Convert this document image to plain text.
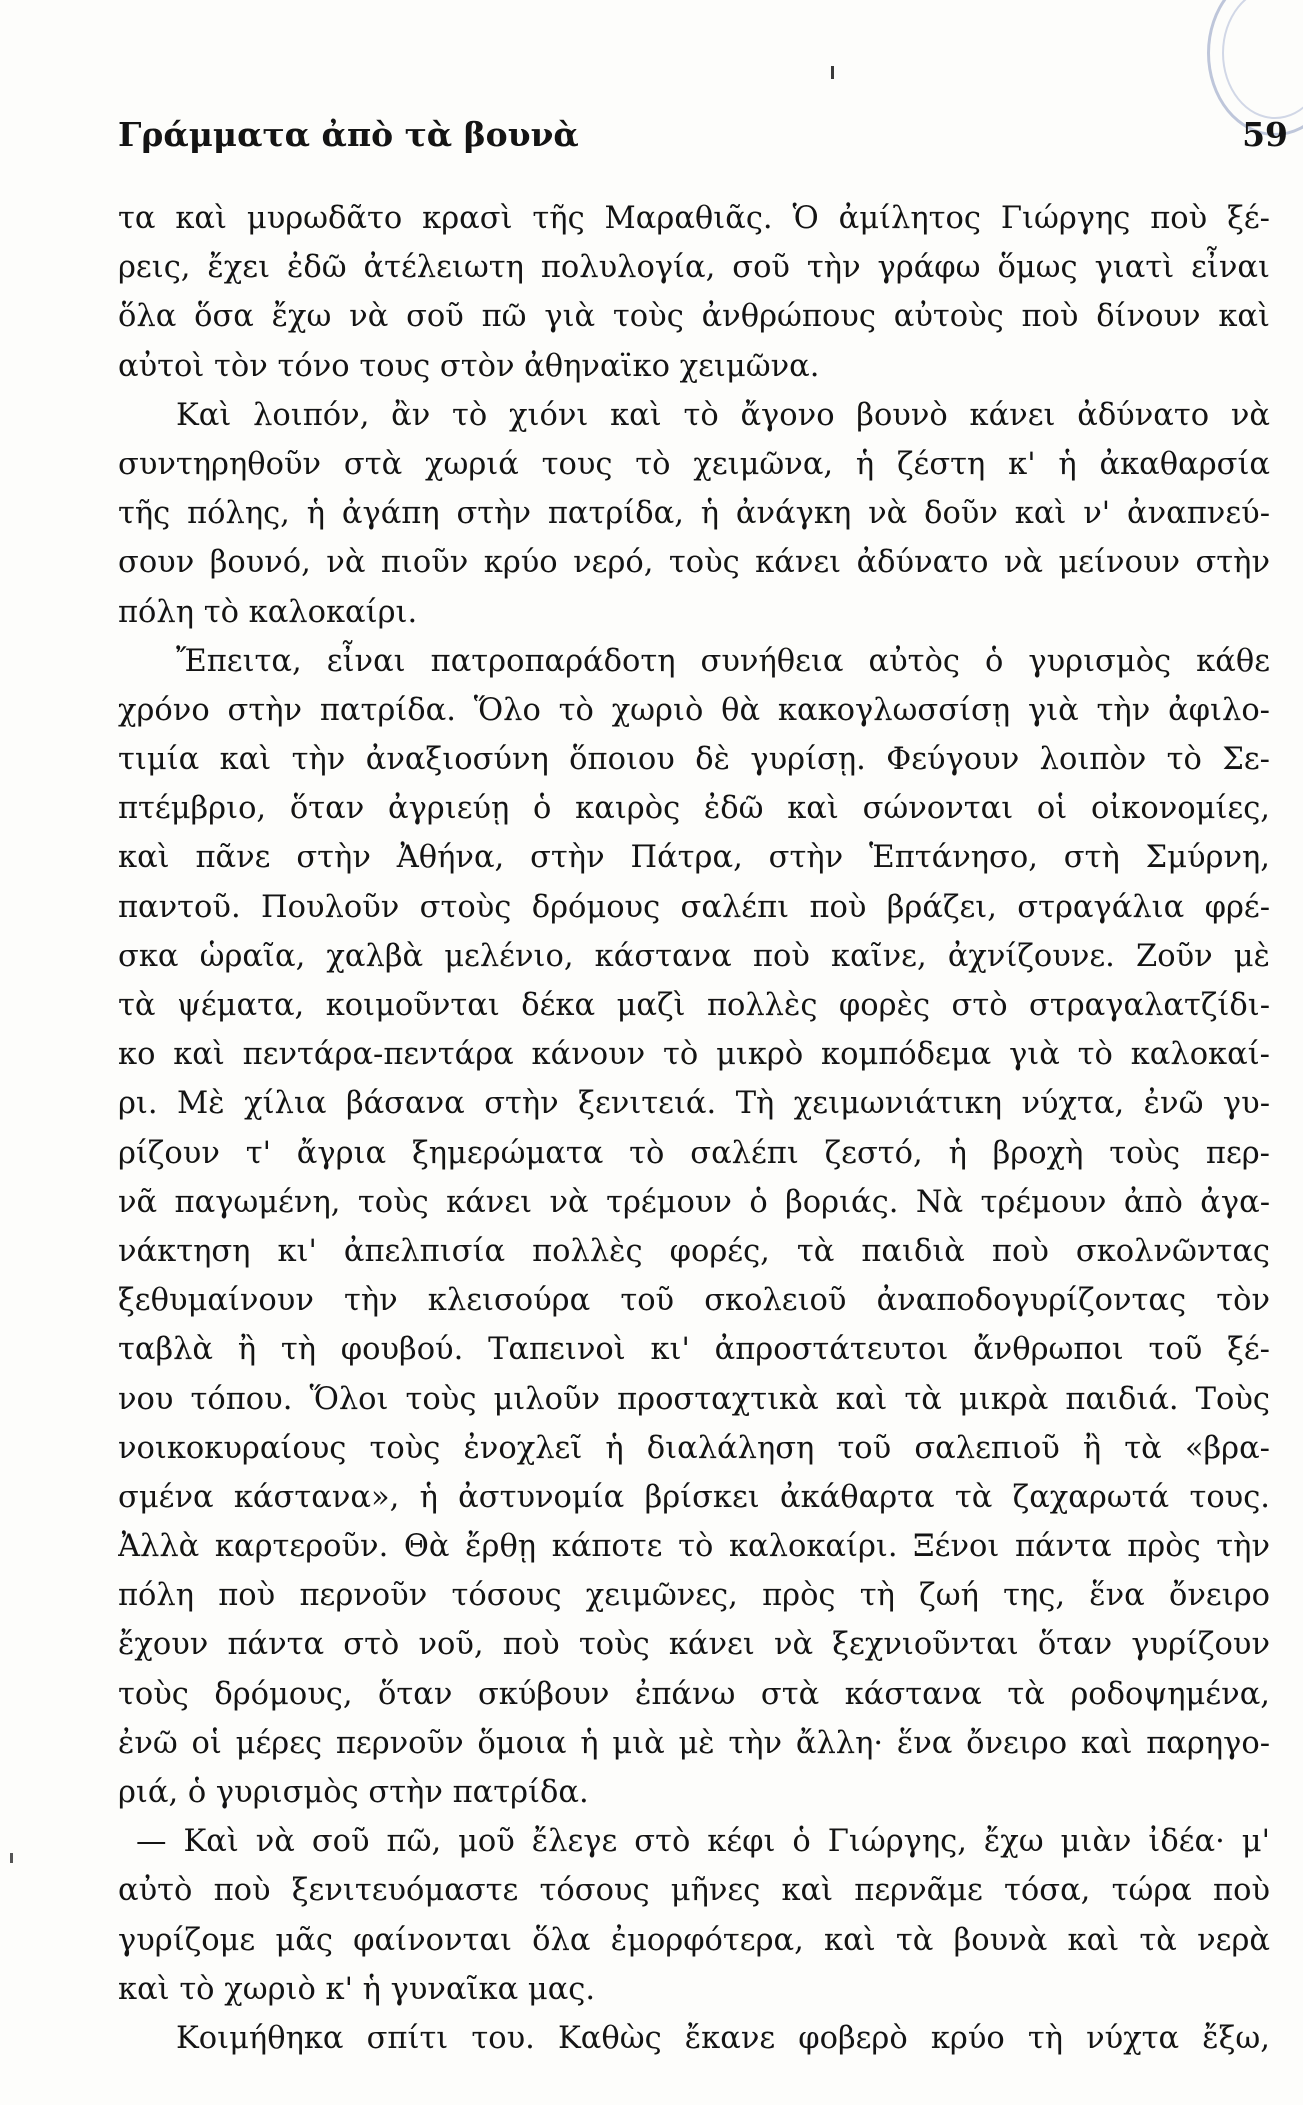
Γράμματα ἀπὸ τὰ βουνὰ	59
τα καὶ μυρωδᾶτο κρασὶ τῆς Μαραθιᾶς. Ὁ ἀμίλητος Γιώργης ποὺ ξέ-
ρεις, ἔχει ἐδῶ ἀτέλειωτη πολυλογία, σοῦ τὴν γράφω ὅμως γιατὶ εἶναι
ὅλα ὅσα ἔχω νὰ σοῦ πῶ γιὰ τοὺς ἀνθρώπους αὐτοὺς ποὺ δίνουν καὶ
αὐτοὶ τὸν τόνο τους στὸν ἀθηναϊκο χειμῶνα.
Καὶ λοιπόν, ἂν τὸ χιόνι καὶ τὸ ἄγονο βουνὸ κάνει ἀδύνατο νὰ
συντηρηθοῦν στὰ χωριά τους τὸ χειμῶνα, ἡ ζέστη κ' ἡ ἀκαθαρσία
τῆς πόλης, ἡ ἀγάπη στὴν πατρίδα, ἡ ἀνάγκη νὰ δοῦν καὶ ν' ἀναπνεύ-
σουν βουνό, νὰ πιοῦν κρύο νερό, τοὺς κάνει ἀδύνατο νὰ μείνουν στὴν
πόλη τὸ καλοκαίρι.
Ἔπειτα, εἶναι πατροπαράδοτη συνήθεια αὐτὸς ὁ γυρισμὸς κάθε
χρόνο στὴν πατρίδα. Ὅλο τὸ χωριὸ θὰ κακογλωσσίσῃ γιὰ τὴν ἀφιλο-
τιμία καὶ τὴν ἀναξιοσύνη ὅποιου δὲ γυρίσῃ. Φεύγουν λοιπὸν τὸ Σε-
πτέμβριο, ὅταν ἀγριεύῃ ὁ καιρὸς ἐδῶ καὶ σώνονται οἱ οἰκονομίες,
καὶ πᾶνε στὴν Ἀθήνα, στὴν Πάτρα, στὴν Ἑπτάνησο, στὴ Σμύρνη,
παντοῦ. Πουλοῦν στοὺς δρόμους σαλέπι ποὺ βράζει, στραγάλια φρέ-
σκα ὡραῖα, χαλβὰ μελένιο, κάστανα ποὺ καῖνε, ἀχνίζουνε. Ζοῦν μὲ
τὰ ψέματα, κοιμοῦνται δέκα μαζὶ πολλὲς φορὲς στὸ στραγαλατζίδι-
κο καὶ πεντάρα-πεντάρα κάνουν τὸ μικρὸ κομπόδεμα γιὰ τὸ καλοκαί-
ρι. Μὲ χίλια βάσανα στὴν ξενιτειά. Τὴ χειμωνιάτικη νύχτα, ἐνῶ γυ-
ρίζουν τ' ἄγρια ξημερώματα τὸ σαλέπι ζεστό, ἡ βροχὴ τοὺς περ-
νᾶ παγωμένη, τοὺς κάνει νὰ τρέμουν ὁ βοριάς. Νὰ τρέμουν ἀπὸ ἀγα-
νάκτηση κι' ἀπελπισία πολλὲς φορές, τὰ παιδιὰ ποὺ σκολνῶντας
ξεθυμαίνουν τὴν κλεισούρα τοῦ σκολειοῦ ἀναποδογυρίζοντας τὸν
ταβλὰ ἢ τὴ φουβού. Ταπεινοὶ κι' ἀπροστάτευτοι ἄνθρωποι τοῦ ξέ-
νου τόπου. Ὅλοι τοὺς μιλοῦν προσταχτικὰ καὶ τὰ μικρὰ παιδιά. Τοὺς
νοικοκυραίους τοὺς ἐνοχλεῖ ἡ διαλάληση τοῦ σαλεπιοῦ ἢ τὰ «βρα-
σμένα κάστανα», ἡ ἀστυνομία βρίσκει ἀκάθαρτα τὰ ζαχαρωτά τους.
Ἀλλὰ καρτεροῦν. Θὰ ἔρθῃ κάποτε τὸ καλοκαίρι. Ξένοι πάντα πρὸς τὴν
πόλη ποὺ περνοῦν τόσους χειμῶνες, πρὸς τὴ ζωή της, ἕνα ὄνειρο
ἔχουν πάντα στὸ νοῦ, ποὺ τοὺς κάνει νὰ ξεχνιοῦνται ὅταν γυρίζουν
τοὺς δρόμους, ὅταν σκύβουν ἐπάνω στὰ κάστανα τὰ ροδοψημένα,
ἐνῶ οἱ μέρες περνοῦν ὅμοια ἡ μιὰ μὲ τὴν ἄλλη· ἕνα ὄνειρο καὶ παρηγο-
ριά, ὁ γυρισμὸς στὴν πατρίδα.
— Καὶ νὰ σοῦ πῶ, μοῦ ἔλεγε στὸ κέφι ὁ Γιώργης, ἔχω μιὰν ἰδέα· μ'
αὐτὸ ποὺ ξενιτευόμαστε τόσους μῆνες καὶ περνᾶμε τόσα, τώρα ποὺ
γυρίζομε μᾶς φαίνονται ὅλα ἐμορφότερα, καὶ τὰ βουνὰ καὶ τὰ νερὰ
καὶ τὸ χωριὸ κ' ἡ γυναῖκα μας.
Κοιμήθηκα σπίτι του. Καθὼς ἔκανε φοβερὸ κρύο τὴ νύχτα ἔξω,
